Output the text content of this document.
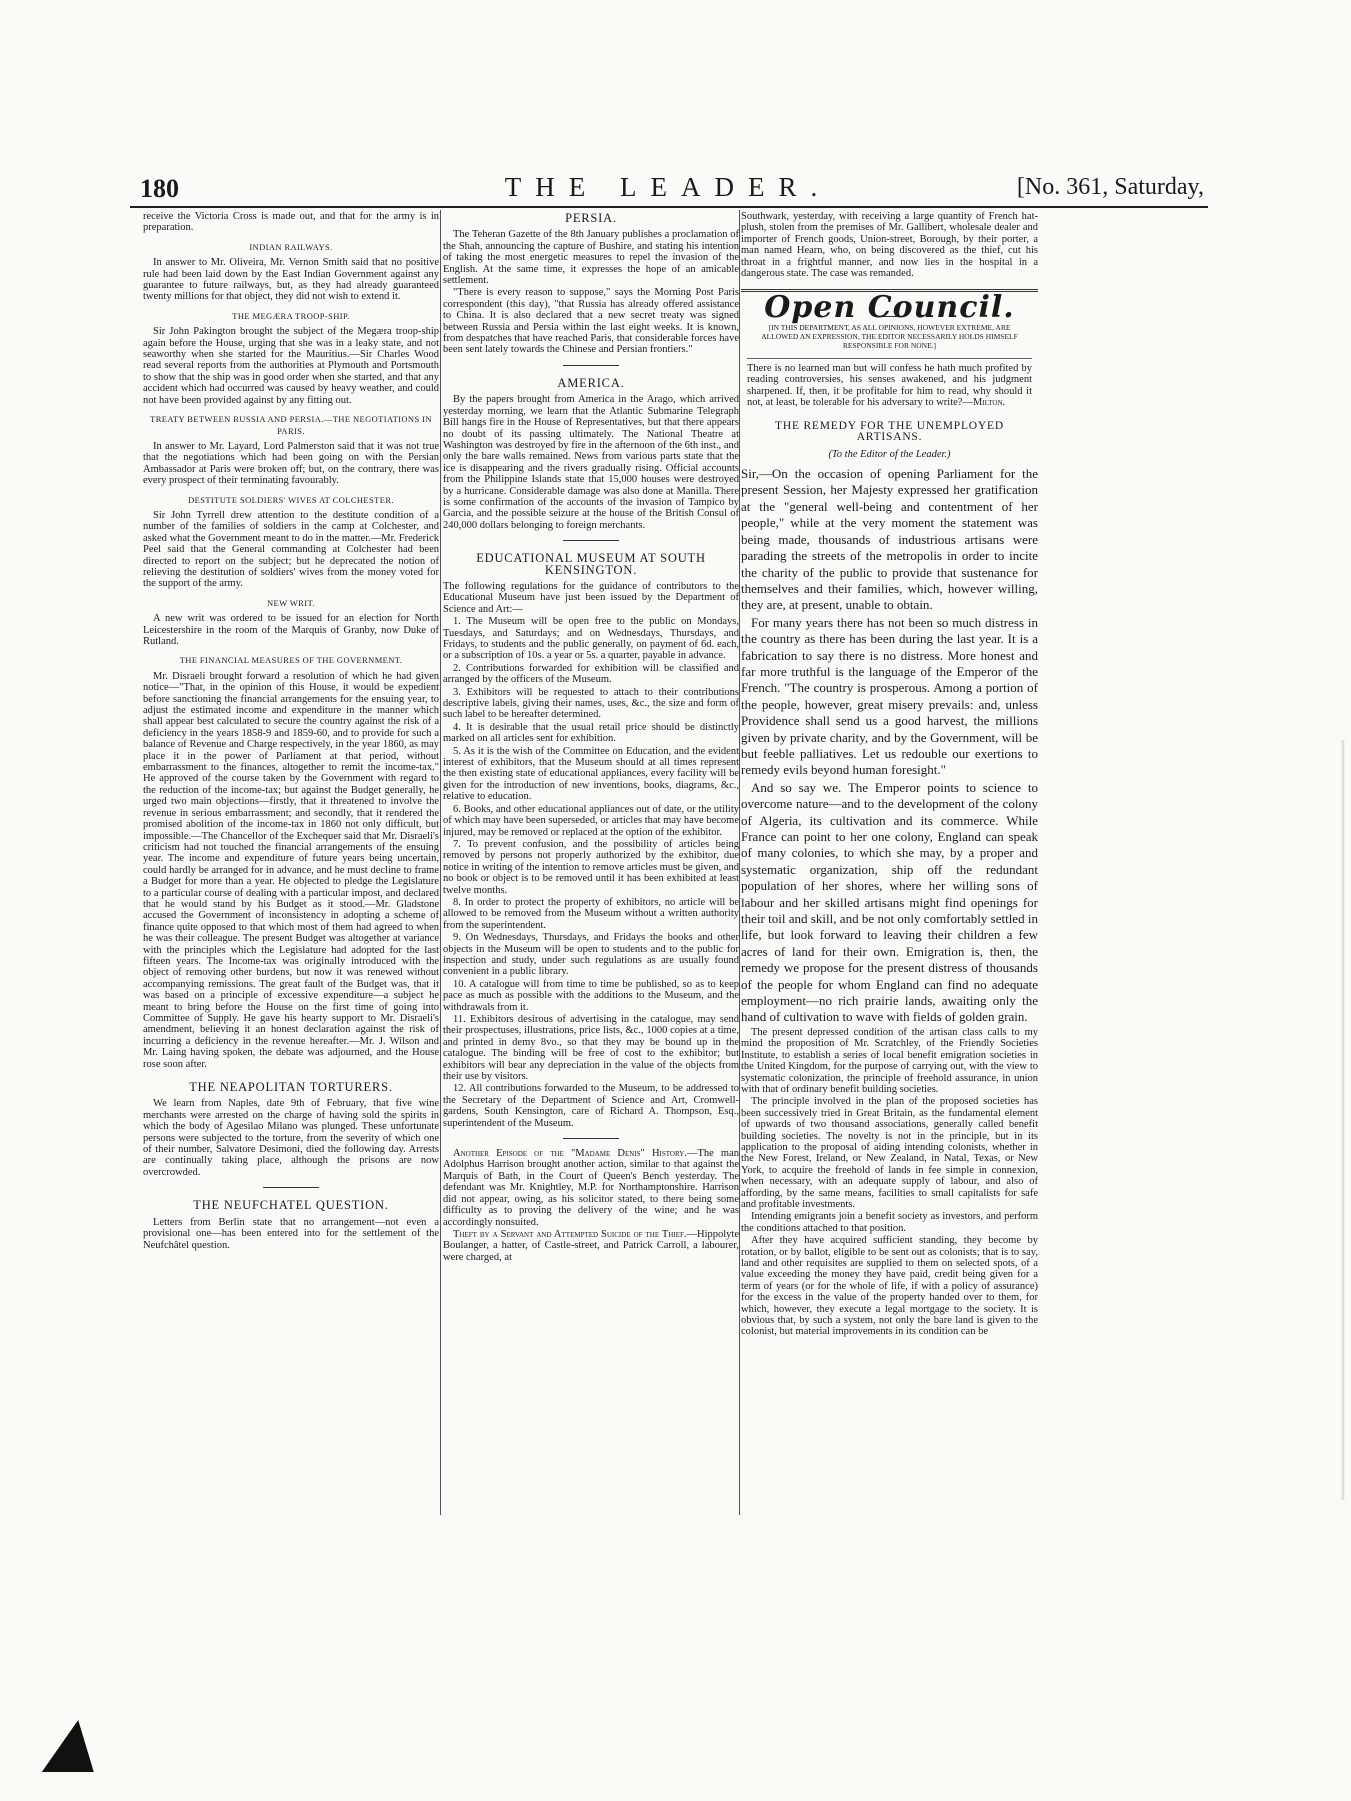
180	THE LEADER.	[No. 361, Saturday,

receive the Victoria Cross is made out, and that for the army is in preparation.

INDIAN RAILWAYS.

In answer to Mr. Oliveira, Mr. Vernon Smith said that no positive rule had been laid down by the East Indian Government against any guarantee to future railways, but, as they had already guaranteed twenty millions for that object, they did not wish to extend it.

THE MEGÆRA TROOP-SHIP.

Sir John Pakington brought the subject of the Megæra troop-ship again before the House, urging that she was in a leaky state, and not seaworthy when she started for the Mauritius.—Sir Charles Wood read several reports from the authorities at Plymouth and Portsmouth to show that the ship was in good order when she started, and that any accident which had occurred was caused by heavy weather, and could not have been provided against by any fitting out.

TREATY BETWEEN RUSSIA AND PERSIA.—THE NEGOTIATIONS IN PARIS.

In answer to Mr. Layard, Lord Palmerston said that it was not true that the negotiations which had been going on with the Persian Ambassador at Paris were broken off; but, on the contrary, there was every prospect of their terminating favourably.

DESTITUTE SOLDIERS' WIVES AT COLCHESTER.

Sir John Tyrrell drew attention to the destitute condition of a number of the families of soldiers in the camp at Colchester, and asked what the Government meant to do in the matter.—Mr. Frederick Peel said that the General commanding at Colchester had been directed to report on the subject; but he deprecated the notion of relieving the destitution of soldiers' wives from the money voted for the support of the army.

NEW WRIT.

A new writ was ordered to be issued for an election for North Leicestershire in the room of the Marquis of Granby, now Duke of Rutland.

THE FINANCIAL MEASURES OF THE GOVERNMENT.

Mr. Disraeli brought forward a resolution of which he had given notice—"That, in the opinion of this House, it would be expedient before sanctioning the financial arrangements for the ensuing year, to adjust the estimated income and expenditure in the manner which shall appear best calculated to secure the country against the risk of a deficiency in the years 1858-9 and 1859-60, and to provide for such a balance of Revenue and Charge respectively, in the year 1860, as may place it in the power of Parliament at that period, without embarrassment to the finances, altogether to remit the income-tax." He approved of the course taken by the Government with regard to the reduction of the income-tax; but against the Budget generally, he urged two main objections—firstly, that it threatened to involve the revenue in serious embarrassment; and secondly, that it rendered the promised abolition of the income-tax in 1860 not only difficult, but impossible.—The Chancellor of the Exchequer said that Mr. Disraeli's criticism had not touched the financial arrangements of the ensuing year. The income and expenditure of future years being uncertain, could hardly be arranged for in advance, and he must decline to frame a Budget for more than a year. He objected to pledge the Legislature to a particular course of dealing with a particular impost, and declared that he would stand by his Budget as it stood.—Mr. Gladstone accused the Government of inconsistency in adopting a scheme of finance quite opposed to that which most of them had agreed to when he was their colleague. The present Budget was altogether at variance with the principles which the Legislature had adopted for the last fifteen years. The Income-tax was originally introduced with the object of removing other burdens, but now it was renewed without accompanying remissions. The great fault of the Budget was, that it was based on a principle of excessive expenditure—a subject he meant to bring before the House on the first time of going into Committee of Supply. He gave his hearty support to Mr. Disraeli's amendment, believing it an honest declaration against the risk of incurring a deficiency in the revenue hereafter.—Mr. J. Wilson and Mr. Laing having spoken, the debate was adjourned, and the House rose soon after.

THE NEAPOLITAN TORTURERS.

We learn from Naples, date 9th of February, that five wine merchants were arrested on the charge of having sold the spirits in which the body of Agesilao Milano was plunged. These unfortunate persons were subjected to the torture, from the severity of which one of their number, Salvatore Desimoni, died the following day. Arrests are continually taking place, although the prisons are now overcrowded.

THE NEUFCHATEL QUESTION.

Letters from Berlin state that no arrangement—not even a provisional one—has been entered into for the settlement of the Neufchâtel question.

PERSIA.

The Teheran Gazette of the 8th January publishes a proclamation of the Shah, announcing the capture of Bushire, and stating his intention of taking the most energetic measures to repel the invasion of the English. At the same time, it expresses the hope of an amicable settlement.

"There is every reason to suppose," says the Morning Post Paris correspondent (this day), "that Russia has already offered assistance to China. It is also declared that a new secret treaty was signed between Russia and Persia within the last eight weeks. It is known, from despatches that have reached Paris, that considerable forces have been sent lately towards the Chinese and Persian frontiers."

AMERICA.

By the papers brought from America in the Arago, which arrived yesterday morning, we learn that the Atlantic Submarine Telegraph Bill hangs fire in the House of Representatives, but that there appears no doubt of its passing ultimately. The National Theatre at Washington was destroyed by fire in the afternoon of the 6th inst., and only the bare walls remained. News from various parts state that the ice is disappearing and the rivers gradually rising. Official accounts from the Philippine Islands state that 15,000 houses were destroyed by a hurricane. Considerable damage was also done at Manilla. There is some confirmation of the accounts of the invasion of Tampico by Garcia, and the possible seizure at the house of the British Consul of 240,000 dollars belonging to foreign merchants.

EDUCATIONAL MUSEUM AT SOUTH KENSINGTON.

The following regulations for the guidance of contributors to the Educational Museum have just been issued by the Department of Science and Art:—

1. The Museum will be open free to the public on Mondays, Tuesdays, and Saturdays; and on Wednesdays, Thursdays, and Fridays, to students and the public generally, on payment of 6d. each, or a subscription of 10s. a year or 5s. a quarter, payable in advance.

2. Contributions forwarded for exhibition will be classified and arranged by the officers of the Museum.

3. Exhibitors will be requested to attach to their contributions descriptive labels, giving their names, uses, &c., the size and form of such label to be hereafter determined.

4. It is desirable that the usual retail price should be distinctly marked on all articles sent for exhibition.

5. As it is the wish of the Committee on Education, and the evident interest of exhibitors, that the Museum should at all times represent the then existing state of educational appliances, every facility will be given for the introduction of new inventions, books, diagrams, &c., relative to education.

6. Books, and other educational appliances out of date, or the utility of which may have been superseded, or articles that may have become injured, may be removed or replaced at the option of the exhibitor.

7. To prevent confusion, and the possibility of articles being removed by persons not properly authorized by the exhibitor, due notice in writing of the intention to remove articles must be given, and no book or object is to be removed until it has been exhibited at least twelve months.

8. In order to protect the property of exhibitors, no article will be allowed to be removed from the Museum without a written authority from the superintendent.

9. On Wednesdays, Thursdays, and Fridays the books and other objects in the Museum will be open to students and to the public for inspection and study, under such regulations as are usually found convenient in a public library.

10. A catalogue will from time to time be published, so as to keep pace as much as possible with the additions to the Museum, and the withdrawals from it.

11. Exhibitors desirous of advertising in the catalogue, may send their prospectuses, illustrations, price lists, &c., 1000 copies at a time, and printed in demy 8vo., so that they may be bound up in the catalogue. The binding will be free of cost to the exhibitor; but exhibitors will bear any depreciation in the value of the objects from their use by visitors.

12. All contributions forwarded to the Museum, to be addressed to the Secretary of the Department of Science and Art, Cromwell-gardens, South Kensington, care of Richard A. Thompson, Esq., superintendent of the Museum.

Another Episode of the "Madame Denis" History.—The man Adolphus Harrison brought another action, similar to that against the Marquis of Bath, in the Court of Queen's Bench yesterday. The defendant was Mr. Knightley, M.P. for Northamptonshire. Harrison did not appear, owing, as his solicitor stated, to there being some difficulty as to proving the delivery of the wine; and he was accordingly nonsuited.

Theft by a Servant and Attempted Suicide of the Thief.—Hippolyte Boulanger, a hatter, of Castle-street, and Patrick Carroll, a labourer, were charged, at

Southwark, yesterday, with receiving a large quantity of French hat-plush, stolen from the premises of Mr. Gallibert, wholesale dealer and importer of French goods, Union-street, Borough, by their porter, a man named Hearn, who, on being discovered as the thief, cut his throat in a frightful manner, and now lies in the hospital in a dangerous state. The case was remanded.

Open Council.
[IN THIS DEPARTMENT, AS ALL OPINIONS, HOWEVER EXTREME, ARE ALLOWED AN EXPRESSION, THE EDITOR NECESSARILY HOLDS HIMSELF RESPONSIBLE FOR NONE.]
There is no learned man but will confess he hath much profited by reading controversies, his senses awakened, and his judgment sharpened. If, then, it be profitable for him to read, why should it not, at least, be tolerable for his adversary to write?—Milton.
THE REMEDY FOR THE UNEMPLOYED ARTISANS.
(To the Editor of the Leader.)

Sir,—On the occasion of opening Parliament for the present Session, her Majesty expressed her gratification at the "general well-being and contentment of her people," while at the very moment the statement was being made, thousands of industrious artisans were parading the streets of the metropolis in order to incite the charity of the public to provide that sustenance for themselves and their families, which, however willing, they are, at present, unable to obtain.

For many years there has not been so much distress in the country as there has been during the last year. It is a fabrication to say there is no distress. More honest and far more truthful is the language of the Emperor of the French. "The country is prosperous. Among a portion of the people, however, great misery prevails: and, unless Providence shall send us a good harvest, the millions given by private charity, and by the Government, will be but feeble palliatives. Let us redouble our exertions to remedy evils beyond human foresight."

And so say we. The Emperor points to science to overcome nature—and to the development of the colony of Algeria, its cultivation and its commerce. While France can point to her one colony, England can speak of many colonies, to which she may, by a proper and systematic organization, ship off the redundant population of her shores, where her willing sons of labour and her skilled artisans might find openings for their toil and skill, and be not only comfortably settled in life, but look forward to leaving their children a few acres of land for their own. Emigration is, then, the remedy we propose for the present distress of thousands of the people for whom England can find no adequate employment—no rich prairie lands, awaiting only the hand of cultivation to wave with fields of golden grain.

The present depressed condition of the artisan class calls to my mind the proposition of Mr. Scratchley, of the Friendly Societies Institute, to establish a series of local benefit emigration societies in the United Kingdom, for the purpose of carrying out, with the view to systematic colonization, the principle of freehold assurance, in union with that of ordinary benefit building societies.

The principle involved in the plan of the proposed societies has been successively tried in Great Britain, as the fundamental element of upwards of two thousand associations, generally called benefit building societies. The novelty is not in the principle, but in its application to the proposal of aiding intending colonists, whether in the New Forest, Ireland, or New Zealand, in Natal, Texas, or New York, to acquire the freehold of lands in fee simple in connexion, when necessary, with an adequate supply of labour, and also of affording, by the same means, facilities to small capitalists for safe and profitable investments.

Intending emigrants join a benefit society as investors, and perform the conditions attached to that position.

After they have acquired sufficient standing, they become by rotation, or by ballot, eligible to be sent out as colonists; that is to say, land and other requisites are supplied to them on selected spots, of a value exceeding the money they have paid, credit being given for a term of years (or for the whole of life, if with a policy of assurance) for the excess in the value of the property handed over to them, for which, however, they execute a legal mortgage to the society. It is obvious that, by such a system, not only the bare land is given to the colonist, but material improvements in its condition can be
